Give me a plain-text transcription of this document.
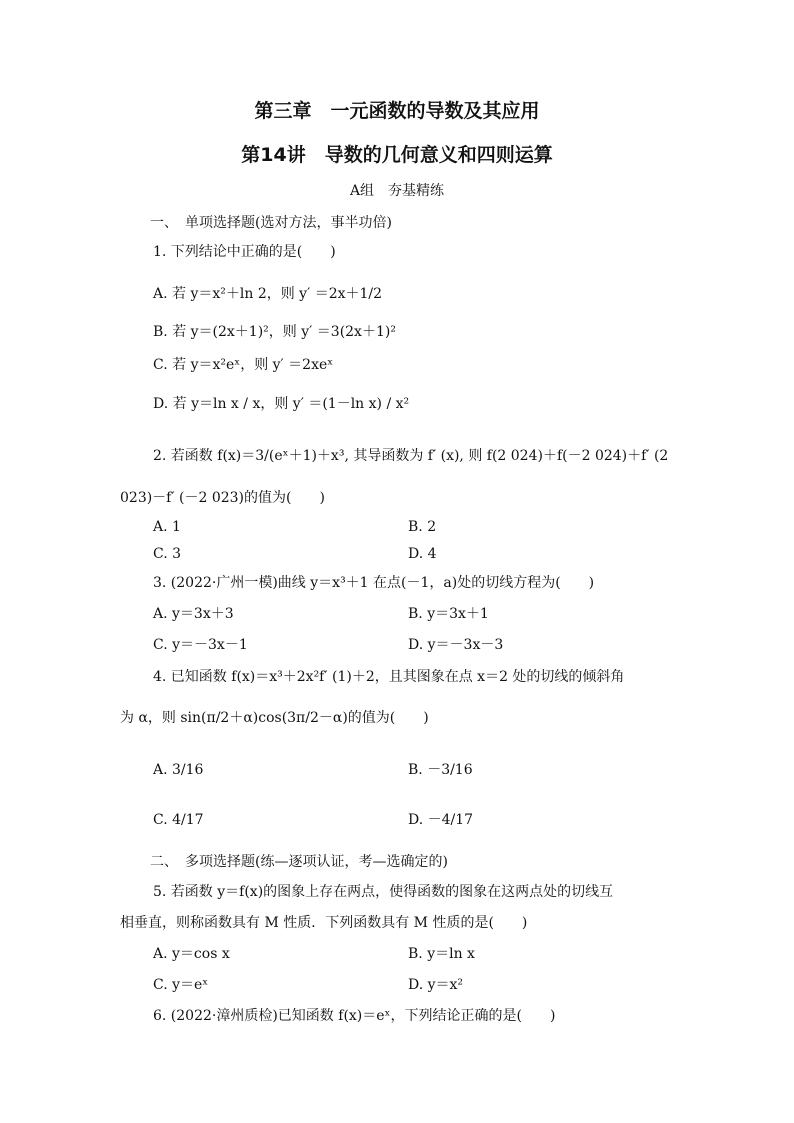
第三章　一元函数的导数及其应用
第14讲　导数的几何意义和四则运算
A组　夯基精练
一、　单项选择题(选对方法，事半功倍)
1. 下列结论中正确的是(　　)
A. 若 y＝x²＋ln 2，则 y′ ＝2x＋1/2
B. 若 y＝(2x＋1)²，则 y′ ＝3(2x＋1)²
C. 若 y＝x²eˣ，则 y′ ＝2xeˣ
D. 若 y＝ln x / x，则 y′ ＝(1－ln x) / x²
2. 若函数 f(x)＝3/(eˣ＋1)＋x³, 其导函数为 f′ (x), 则 f(2 024)＋f(－2 024)＋f′ (2
023)－f′ (－2 023)的值为(　　)
A. 1	B. 2
C. 3	D. 4
3. (2022·广州一模)曲线 y＝x³＋1 在点(－1，a)处的切线方程为(　　)
A. y＝3x＋3	B. y＝3x＋1
C. y＝－3x－1	D. y＝－3x－3
4. 已知函数 f(x)＝x³＋2x²f′ (1)＋2，且其图象在点 x＝2 处的切线的倾斜角
为 α，则 sin(π/2＋α)cos(3π/2－α)的值为(　　)
A. 3/16	B. －3/16
C. 4/17	D. －4/17
二、　多项选择题(练—逐项认证，考—选确定的)
5. 若函数 y＝f(x)的图象上存在两点，使得函数的图象在这两点处的切线互
相垂直，则称函数具有 M 性质．下列函数具有 M 性质的是(　　)
A. y＝cos x	B. y＝ln x
C. y＝eˣ	D. y＝x²
6. (2022·漳州质检)已知函数 f(x)＝eˣ，下列结论正确的是(　　)
